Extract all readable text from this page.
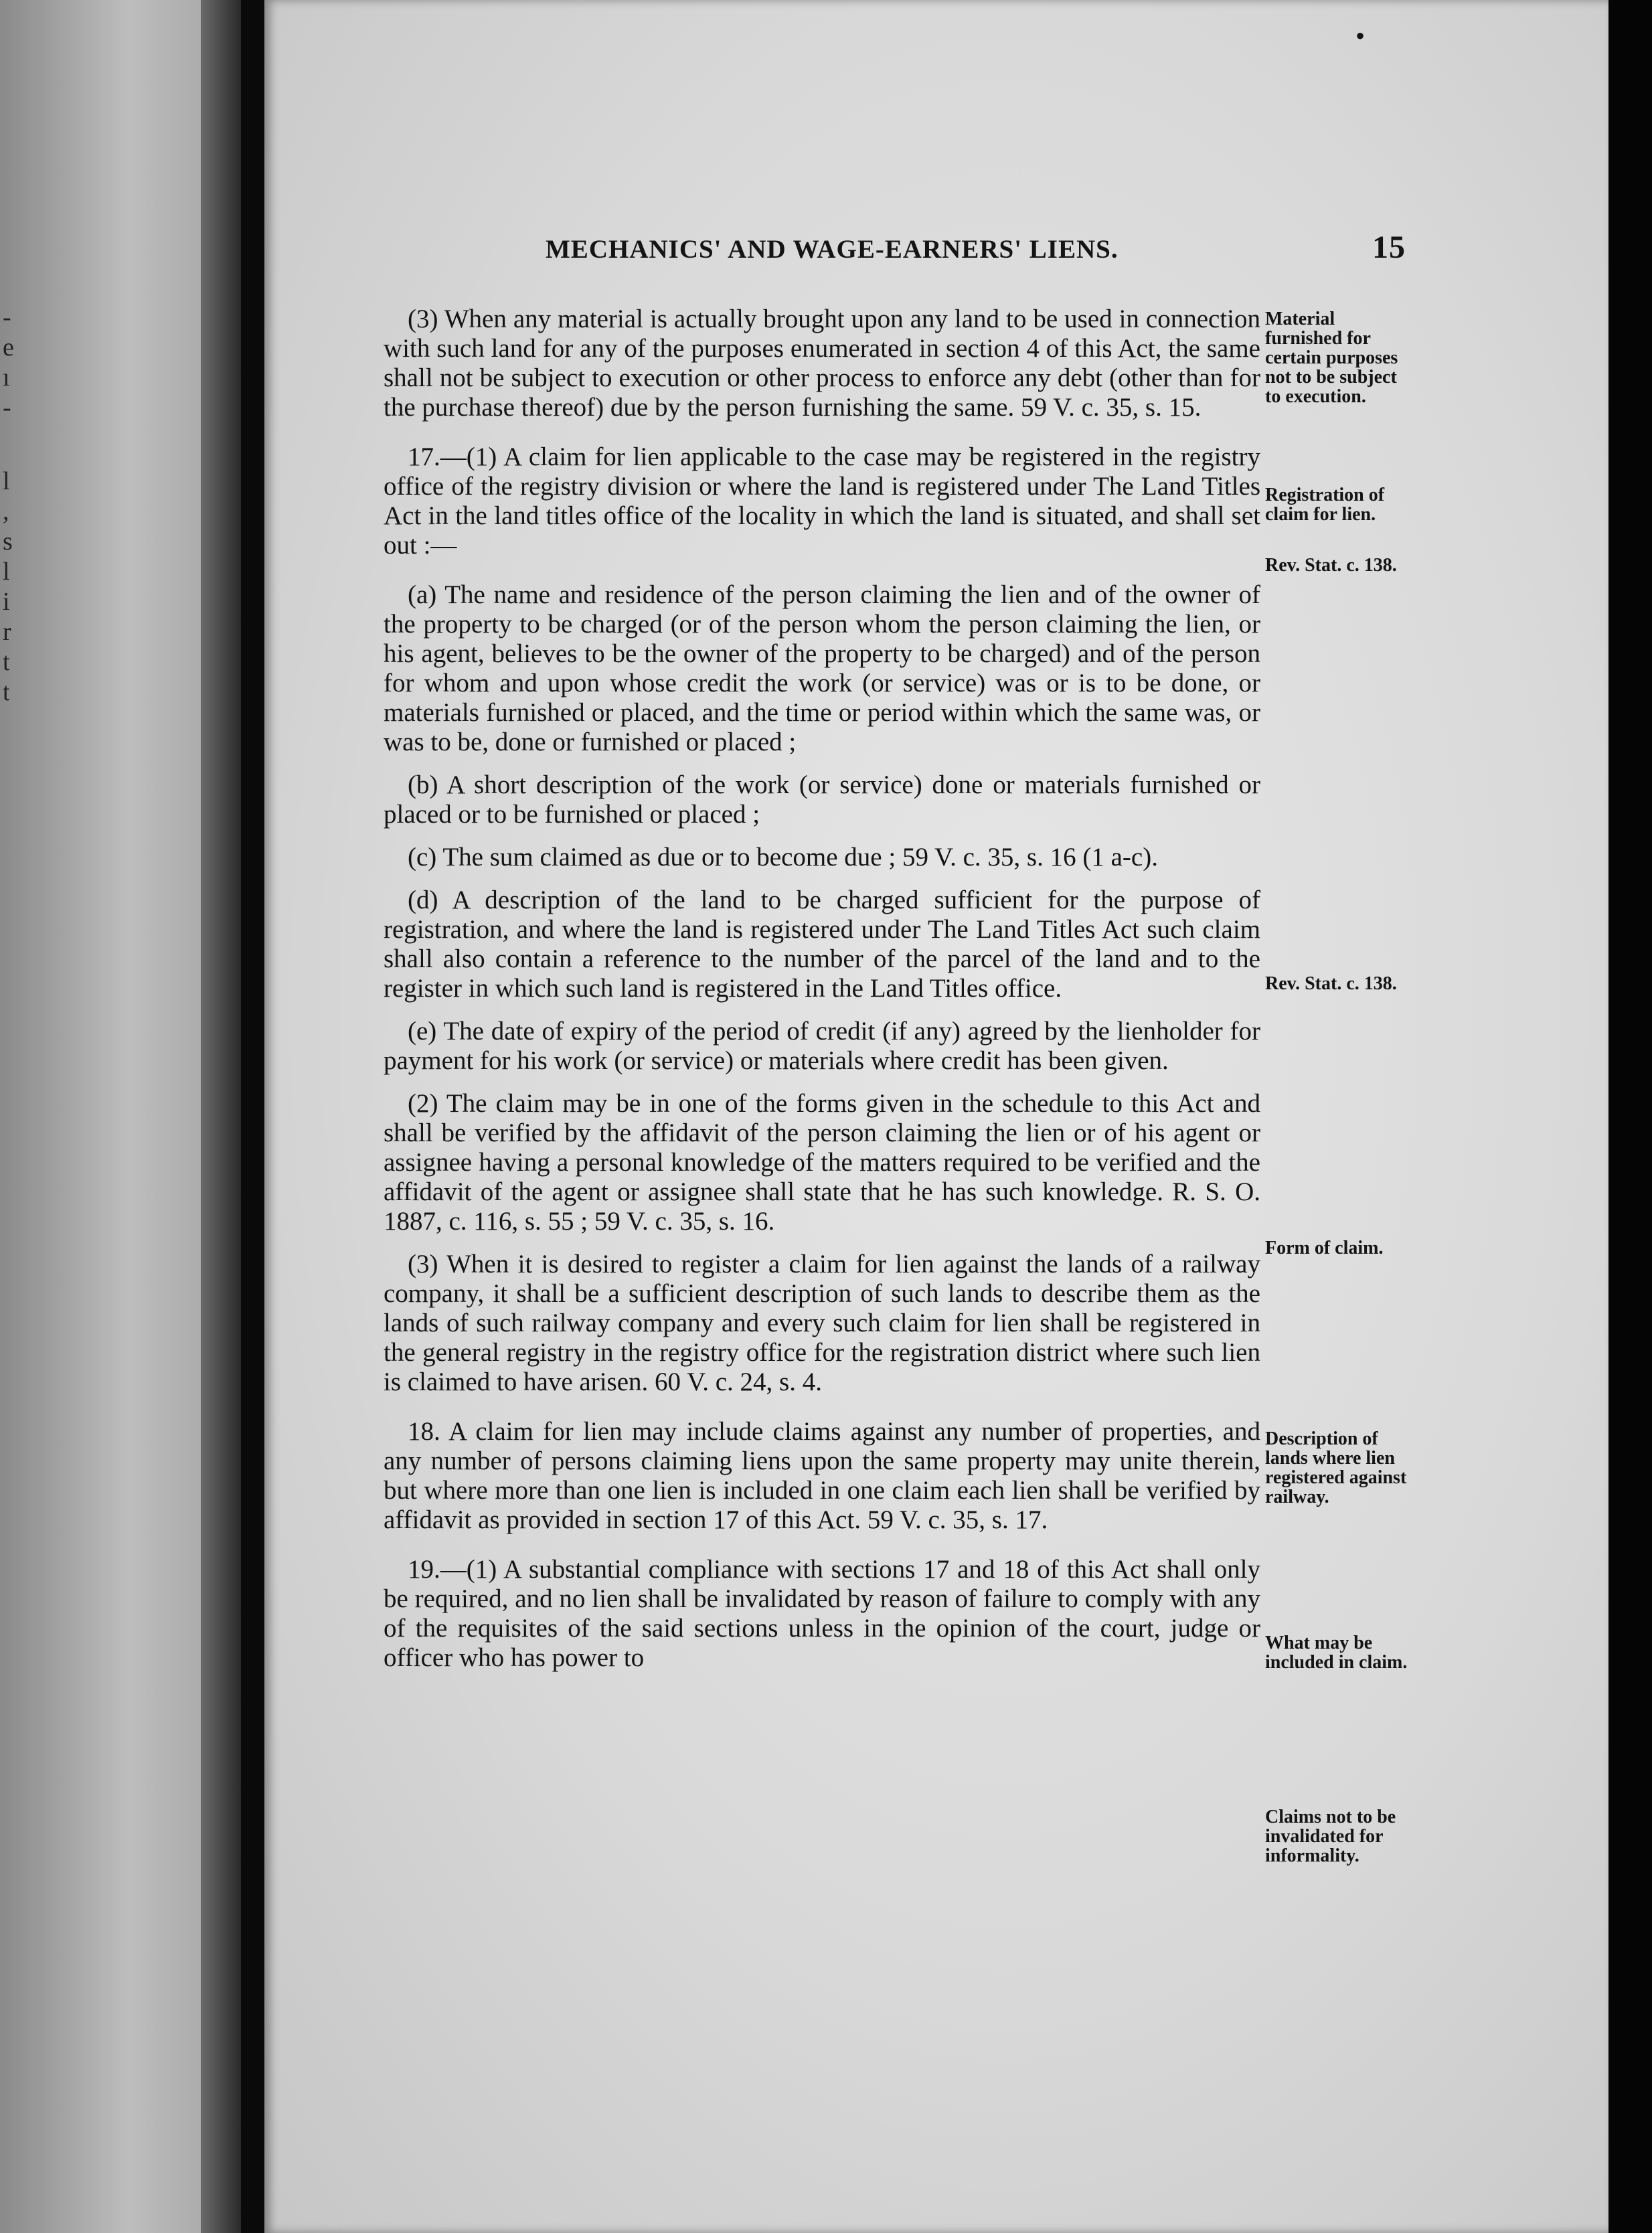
-
e
ı
-
l
,
s
l
i
r
t
t
•
MECHANICS' AND WAGE-EARNERS' LIENS.	15

(3) When any material is actually brought upon any land to be used in connection with such land for any of the purposes enumerated in section 4 of this Act, the same shall not be subject to execution or other process to enforce any debt (other than for the purchase thereof) due by the person furnishing the same. 59 V. c. 35, s. 15.

17.—(1) A claim for lien applicable to the case may be registered in the registry office of the registry division or where the land is registered under The Land Titles Act in the land titles office of the locality in which the land is situated, and shall set out :—

(a) The name and residence of the person claiming the lien and of the owner of the property to be charged (or of the person whom the person claiming the lien, or his agent, believes to be the owner of the property to be charged) and of the person for whom and upon whose credit the work (or service) was or is to be done, or materials furnished or placed, and the time or period within which the same was, or was to be, done or furnished or placed ;

(b) A short description of the work (or service) done or materials furnished or placed or to be furnished or placed ;

(c) The sum claimed as due or to become due ; 59 V. c. 35, s. 16 (1 a-c).

(d) A description of the land to be charged sufficient for the purpose of registration, and where the land is registered under The Land Titles Act such claim shall also contain a reference to the number of the parcel of the land and to the register in which such land is registered in the Land Titles office.

(e) The date of expiry of the period of credit (if any) agreed by the lienholder for payment for his work (or service) or materials where credit has been given.

(2) The claim may be in one of the forms given in the schedule to this Act and shall be verified by the affidavit of the person claiming the lien or of his agent or assignee having a personal knowledge of the matters required to be verified and the affidavit of the agent or assignee shall state that he has such knowledge. R. S. O. 1887, c. 116, s. 55 ; 59 V. c. 35, s. 16.

(3) When it is desired to register a claim for lien against the lands of a railway company, it shall be a sufficient description of such lands to describe them as the lands of such railway company and every such claim for lien shall be registered in the general registry in the registry office for the registration district where such lien is claimed to have arisen. 60 V. c. 24, s. 4.

18. A claim for lien may include claims against any number of properties, and any number of persons claiming liens upon the same property may unite therein, but where more than one lien is included in one claim each lien shall be verified by affidavit as provided in section 17 of this Act. 59 V. c. 35, s. 17.

19.—(1) A substantial compliance with sections 17 and 18 of this Act shall only be required, and no lien shall be invalidated by reason of failure to comply with any of the requisites of the said sections unless in the opinion of the court, judge or officer who has power to

Material furnished for certain purposes not to be subject to execution.
Registration of claim for lien.
Rev. Stat. c. 138.
Rev. Stat. c. 138.
Form of claim.
Description of lands where lien registered against railway.
What may be included in claim.
Claims not to be invalidated for informality.
